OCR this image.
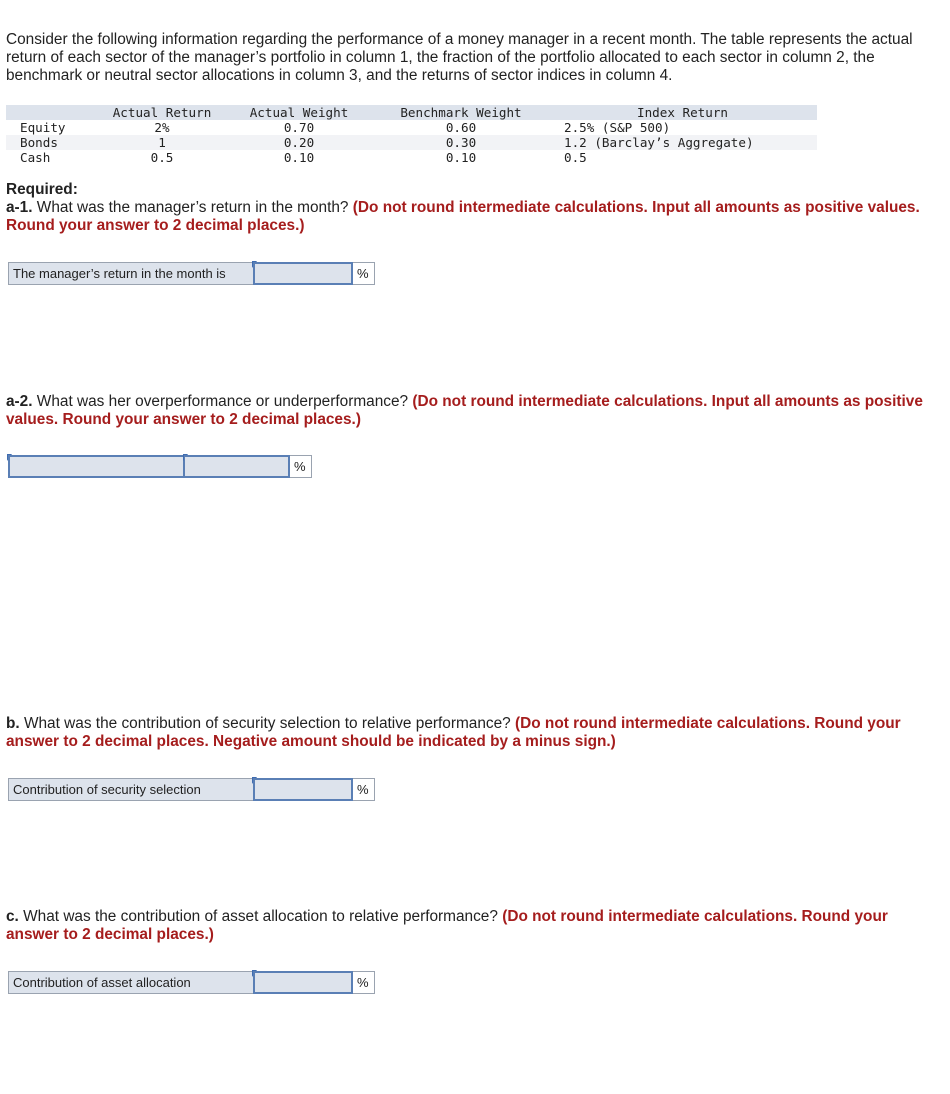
Consider the following information regarding the performance of a money manager in a recent month. The table represents the actual return of each sector of the manager’s portfolio in column 1, the fraction of the portfolio allocated to each sector in column 2, the benchmark or neutral sector allocations in column 3, and the returns of sector indices in column 4.

	Actual Return	Actual Weight	Benchmark Weight	Index Return
Equity	2%	0.70	0.60	2.5% (S&P 500)
Bonds	1	0.20	0.30	1.2 (Barclay’s Aggregate)
Cash	0.5	0.10	0.10	0.5
Required:
a-1. What was the manager’s return in the month? (Do not round intermediate calculations. Input all amounts as positive values. Round your answer to 2 decimal places.)
The manager’s return in the month is	%
a-2. What was her overperformance or underperformance? (Do not round intermediate calculations. Input all amounts as positive values. Round your answer to 2 decimal places.)
%
b. What was the contribution of security selection to relative performance? (Do not round intermediate calculations. Round your answer to 2 decimal places. Negative amount should be indicated by a minus sign.)
Contribution of security selection	%
c. What was the contribution of asset allocation to relative performance? (Do not round intermediate calculations. Round your answer to 2 decimal places.)
Contribution of asset allocation	%
